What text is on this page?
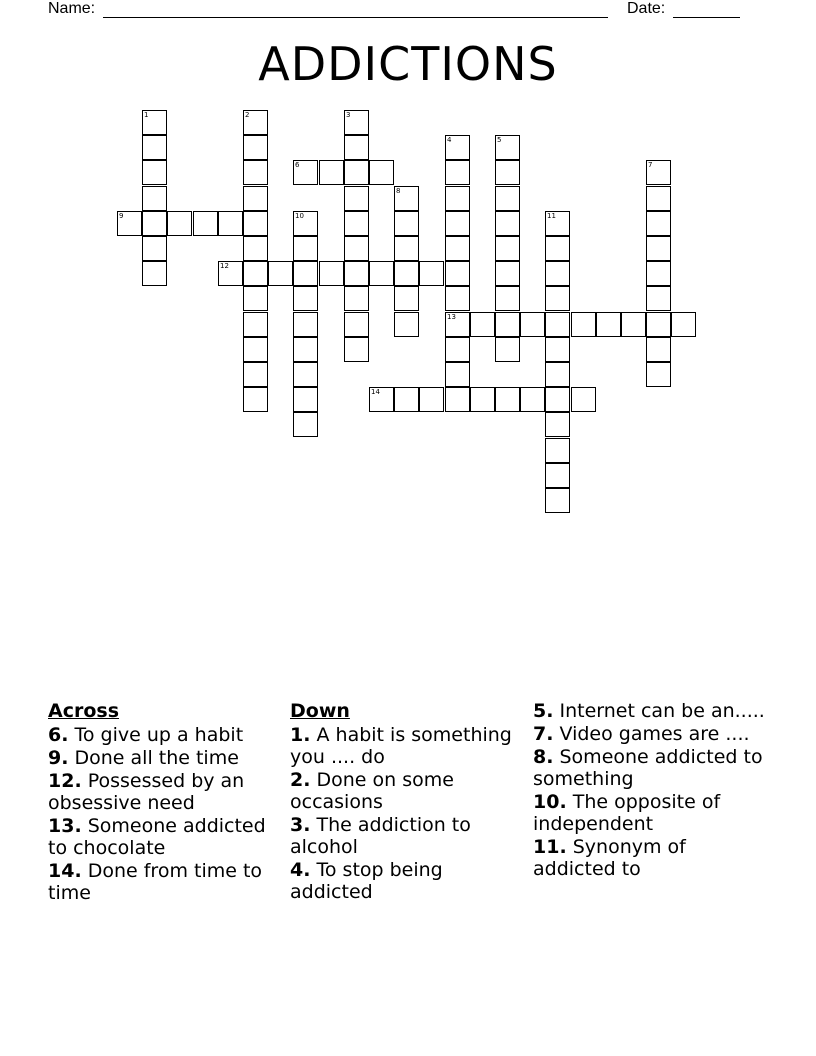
Name:	Date:
ADDICTIONS
1	2	3
4
13
5
6	7
8
9	10	11
12
14
Across
6. To give up a habit
9. Done all the time
12. Possessed by an obsessive need
13. Someone addicted to chocolate
14. Done from time to time
Down
1. A habit is something you .... do
2. Done on some occasions
3. The addiction to alcohol
4. To stop being addicted
5. Internet can be an.....
7. Video games are ....
8. Someone addicted to something
10. The opposite of independent
11. Synonym of addicted to
